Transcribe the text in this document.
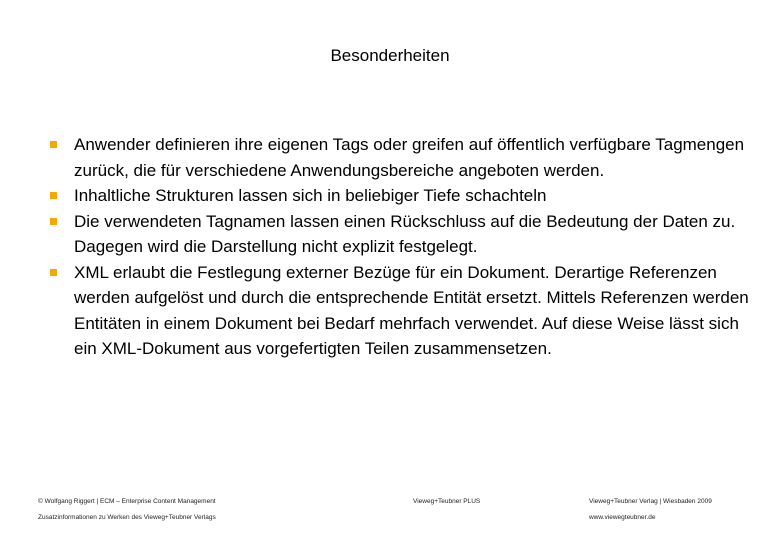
Besonderheiten
Anwender definieren ihre eigenen Tags oder greifen auf öffentlich verfügbare Tagmengen zurück, die für verschiedene Anwendungsbereiche angeboten werden.
Inhaltliche Strukturen lassen sich in beliebiger Tiefe schachteln
Die verwendeten Tagnamen lassen einen Rückschluss auf die Bedeutung der Daten zu. Dagegen wird die Darstellung nicht explizit festgelegt.
XML erlaubt die Festlegung externer Bezüge für ein Dokument. Derartige Referenzen werden aufgelöst und durch die entsprechende Entität ersetzt. Mittels Referenzen werden Entitäten in einem Dokument bei Bedarf mehrfach verwendet. Auf diese Weise lässt sich ein XML-Dokument aus vorgefertigten Teilen zusammensetzen.
© Wolfgang Riggert | ECM – Enterprise Content Management
Zusatzinformationen zu Werken des Vieweg+Teubner Verlags
Vieweg+Teubner PLUS	Vieweg+Teubner Verlag | Wiesbaden 2009
www.viewegteubner.de
